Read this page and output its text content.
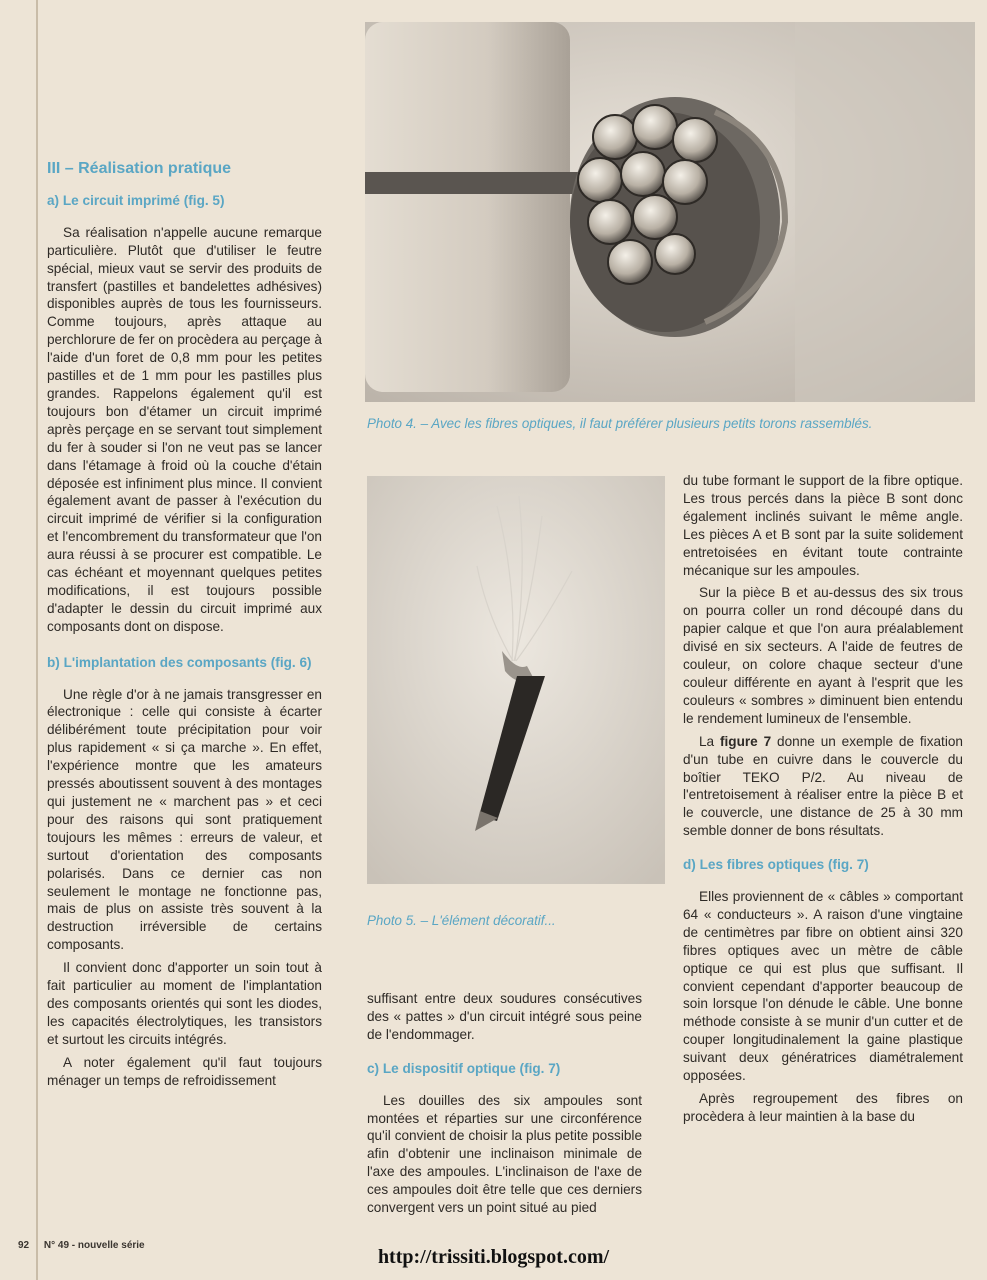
III – Réalisation pratique
a) Le circuit imprimé (fig. 5)

Sa réalisation n'appelle aucune remarque particulière. Plutôt que d'utiliser le feutre spécial, mieux vaut se servir des produits de transfert (pastilles et bandelettes adhésives) disponibles auprès de tous les fournisseurs. Comme toujours, après attaque au perchlorure de fer on procèdera au perçage à l'aide d'un foret de 0,8 mm pour les petites pastilles et de 1 mm pour les pastilles plus grandes. Rappelons également qu'il est toujours bon d'étamer un circuit imprimé après perçage en se servant tout simplement du fer à souder si l'on ne veut pas se lancer dans l'étamage à froid où la couche d'étain déposée est infiniment plus mince. Il convient également avant de passer à l'exécution du circuit imprimé de vérifier si la configuration et l'encombrement du transformateur que l'on aura réussi à se procurer est compatible. Le cas échéant et moyennant quelques petites modifications, il est toujours possible d'adapter le dessin du circuit imprimé aux composants dont on dispose.

b) L'implantation des composants (fig. 6)

Une règle d'or à ne jamais transgresser en électronique : celle qui consiste à écarter délibérément toute précipitation pour voir plus rapidement « si ça marche ». En effet, l'expérience montre que les amateurs pressés aboutissent souvent à des montages qui justement ne « marchent pas » et ceci pour des raisons qui sont pratiquement toujours les mêmes : erreurs de valeur, et surtout d'orientation des composants polarisés. Dans ce dernier cas non seulement le montage ne fonctionne pas, mais de plus on assiste très souvent à la destruction irréversible de certains composants.

Il convient donc d'apporter un soin tout à fait particulier au moment de l'implantation des composants orientés qui sont les diodes, les capacités électrolytiques, les transistors et surtout les circuits intégrés.

A noter également qu'il faut toujours ménager un temps de refroidissement

Photo 4. – Avec les fibres optiques, il faut préférer plusieurs petits torons rassemblés.
Photo 5. – L'élément décoratif...

suffisant entre deux soudures consécutives des « pattes » d'un circuit intégré sous peine de l'endommager.

c) Le dispositif optique (fig. 7)

Les douilles des six ampoules sont montées et réparties sur une circonférence qu'il convient de choisir la plus petite possible afin d'obtenir une inclinaison minimale de l'axe des ampoules. L'inclinaison de l'axe de ces ampoules doit être telle que ces derniers convergent vers un point situé au pied

du tube formant le support de la fibre optique. Les trous percés dans la pièce B sont donc également inclinés suivant le même angle. Les pièces A et B sont par la suite solidement entretoisées en évitant toute contrainte mécanique sur les ampoules.

Sur la pièce B et au-dessus des six trous on pourra coller un rond découpé dans du papier calque et que l'on aura préalablement divisé en six secteurs. A l'aide de feutres de couleur, on colore chaque secteur d'une couleur différente en ayant à l'esprit que les couleurs « sombres » diminuent bien entendu le rendement lumineux de l'ensemble.

La figure 7 donne un exemple de fixation d'un tube en cuivre dans le couvercle du boîtier TEKO P/2. Au niveau de l'entretoisement à réaliser entre la pièce B et le couvercle, une distance de 25 à 30 mm semble donner de bons résultats.

d) Les fibres optiques (fig. 7)

Elles proviennent de « câbles » comportant 64 « conducteurs ». A raison d'une vingtaine de centimètres par fibre on obtient ainsi 320 fibres optiques avec un mètre de câble optique ce qui est plus que suffisant. Il convient cependant d'apporter beaucoup de soin lorsque l'on dénude le câble. Une bonne méthode consiste à se munir d'un cutter et de couper longitudinalement la gaine plastique suivant deux génératrices diamétralement opposées.

Après regroupement des fibres on procèdera à leur maintien à la base du

92 N° 49 - nouvelle série
http://trissiti.blogspot.com/
